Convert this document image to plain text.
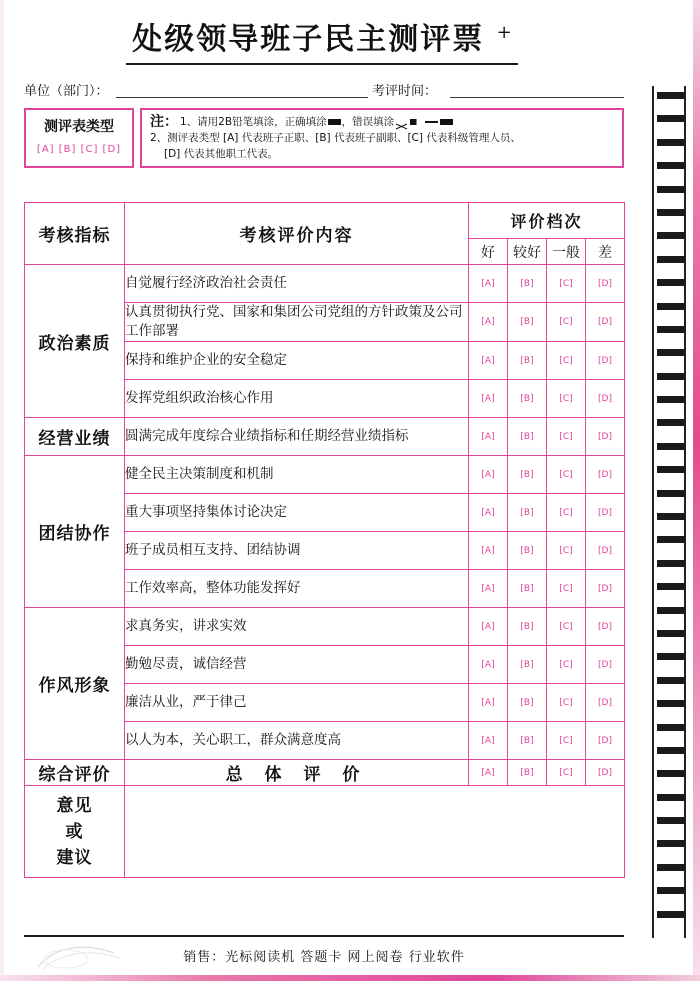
处级领导班子民主测评票 +
单位（部门）：	考评时间：
测评表类型
[A] [B] [C] [D]
注： 1、请用2B铅笔填涂，正确填涂 ，错误填涂
2、测评表类型 [A] 代表班子正职、[B] 代表班子副职、[C] 代表科级管理人员、
[D] 代表其他职工代表。
考核指标	考核评价内容	评价档次			
		好	较好	一般	差
政治素质	自觉履行经济政治社会责任	[A]	[B]	[C]	[D]
	认真贯彻执行党、国家和集团公司党组的方针政策及公司工作部署	[A]	[B]	[C]	[D]
	保持和维护企业的安全稳定	[A]	[B]	[C]	[D]
	发挥党组织政治核心作用	[A]	[B]	[C]	[D]
经营业绩	圆满完成年度综合业绩指标和任期经营业绩指标	[A]	[B]	[C]	[D]
团结协作	健全民主决策制度和机制	[A]	[B]	[C]	[D]
	重大事项坚持集体讨论决定	[A]	[B]	[C]	[D]
	班子成员相互支持、团结协调	[A]	[B]	[C]	[D]
	工作效率高，整体功能发挥好	[A]	[B]	[C]	[D]
作风形象	求真务实，讲求实效	[A]	[B]	[C]	[D]
	勤勉尽责，诚信经营	[A]	[B]	[C]	[D]
	廉洁从业，严于律己	[A]	[B]	[C]	[D]
	以人为本，关心职工，群众满意度高	[A]	[B]	[C]	[D]
综合评价	总 体 评 价	[A]	[B]	[C]	[D]

意见
或
建议					

销售：光标阅读机 答题卡 网上阅卷 行业软件
